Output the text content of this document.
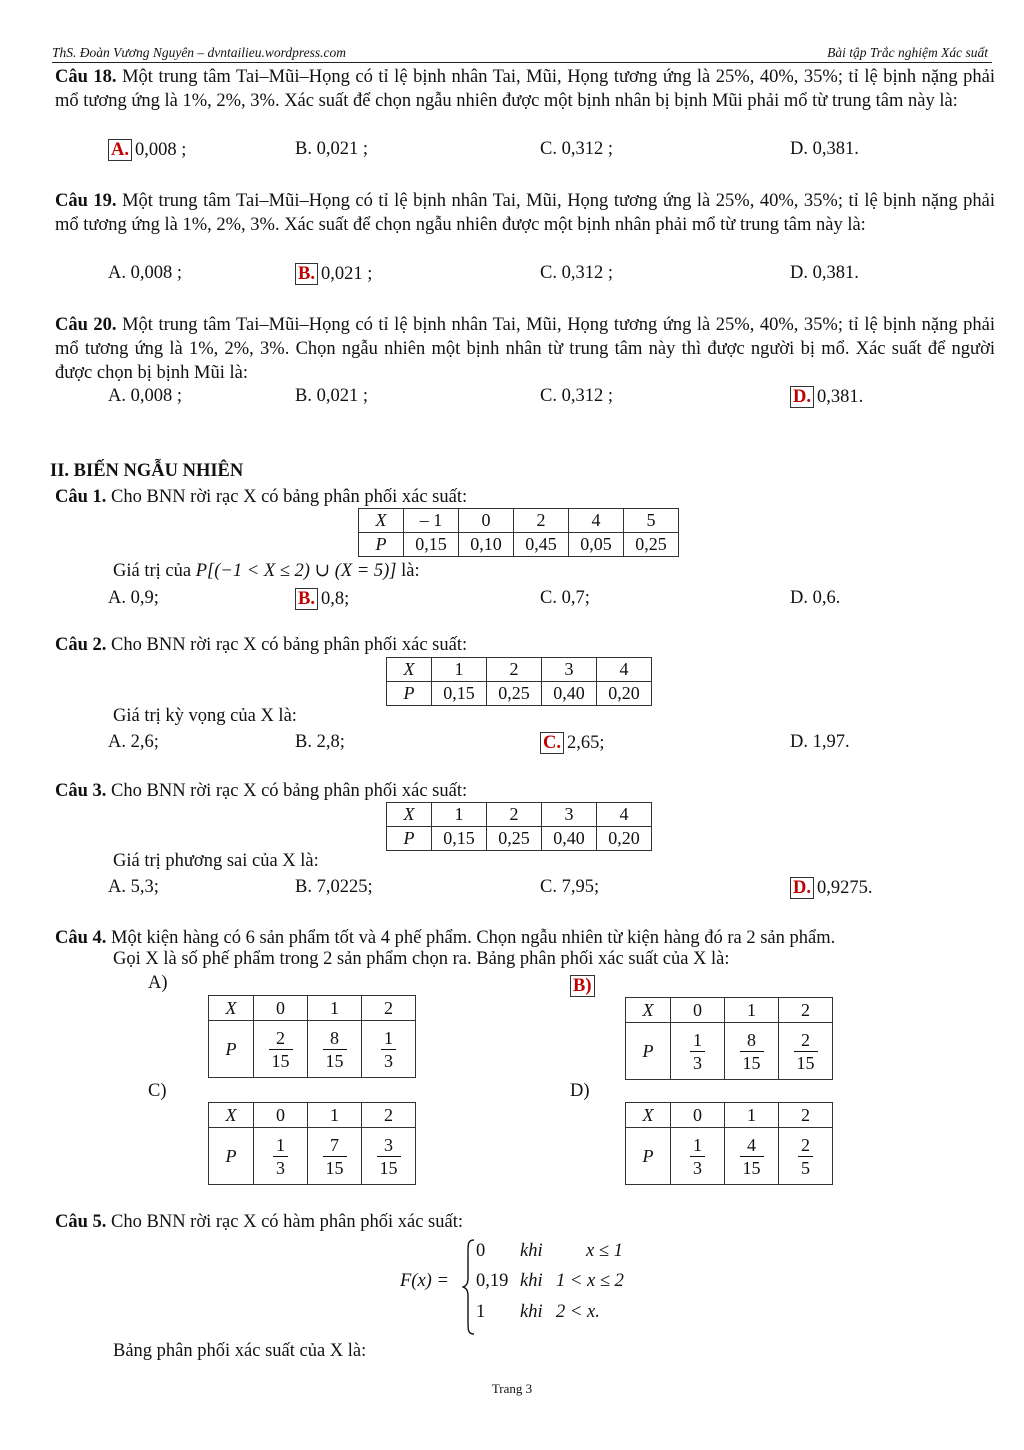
ThS. Đoàn Vương Nguyên – dvntailieu.wordpress.com	Bài tập Trắc nghiệm Xác suất
Câu 18. Một trung tâm Tai–Mũi–Họng có tỉ lệ bịnh nhân Tai, Mũi, Họng tương ứng là 25%, 40%, 35%; tỉ lệ bịnh nặng phải mổ tương ứng là 1%, 2%, 3%. Xác suất để chọn ngẫu nhiên được một bịnh nhân bị bịnh Mũi phải mổ từ trung tâm này là:
A. 0,008 ;	B. 0,021 ;	C. 0,312 ;	D. 0,381.
Câu 19. Một trung tâm Tai–Mũi–Họng có tỉ lệ bịnh nhân Tai, Mũi, Họng tương ứng là 25%, 40%, 35%; tỉ lệ bịnh nặng phải mổ tương ứng là 1%, 2%, 3%. Xác suất để chọn ngẫu nhiên được một bịnh nhân phải mổ từ trung tâm này là:
A. 0,008 ;	B. 0,021 ;	C. 0,312 ;	D. 0,381.
Câu 20. Một trung tâm Tai–Mũi–Họng có tỉ lệ bịnh nhân Tai, Mũi, Họng tương ứng là 25%, 40%, 35%; tỉ lệ bịnh nặng phải mổ tương ứng là 1%, 2%, 3%. Chọn ngẫu nhiên một bịnh nhân từ trung tâm này thì được người bị mổ. Xác suất để người được chọn bị bịnh Mũi là:
A. 0,008 ;	B. 0,021 ;	C. 0,312 ;	D. 0,381.
II. BIẾN NGẪU NHIÊN
Câu 1. Cho BNN rời rạc X có bảng phân phối xác suất:
X	– 1	0	2	4	5
P	0,15	0,10	0,45	0,05	0,25
Giá trị của P[(−1 < X ≤ 2) ∪ (X = 5)] là:
A. 0,9;	B. 0,8;	C. 0,7;	D. 0,6.
Câu 2. Cho BNN rời rạc X có bảng phân phối xác suất:
X	1	2	3	4
P	0,15	0,25	0,40	0,20
Giá trị kỳ vọng của X là:
A. 2,6;	B. 2,8;	C. 2,65;	D. 1,97.
Câu 3. Cho BNN rời rạc X có bảng phân phối xác suất:
X	1	2	3	4
P	0,15	0,25	0,40	0,20
Giá trị phương sai của X là:
A. 5,3;	B. 7,0225;	C. 7,95;	D. 0,9275.
Câu 4. Một kiện hàng có 6 sản phẩm tốt và 4 phế phẩm. Chọn ngẫu nhiên từ kiện hàng đó ra 2 sản phẩm.
Gọi X là số phế phẩm trong 2 sản phẩm chọn ra. Bảng phân phối xác suất của X là:
A)	B)
C)	D)
X	0	1	2
P	$\frac{2}{15}$	$\frac{8}{15}$	$\frac{1}{3}$
X	0	1	2
P	$\frac{1}{3}$	$\frac{8}{15}$	$\frac{2}{15}$
X	0	1	2
P	$\frac{1}{3}$	$\frac{7}{15}$	$\frac{3}{15}$
X	0	1	2
P	$\frac{1}{3}$	$\frac{4}{15}$	$\frac{2}{5}$
Câu 5. Cho BNN rời rạc X có hàm phân phối xác suất:
F(x) =
0 khi x ≤ 1
0,19 khi 1 < x ≤ 2
1 khi 2 < x.
Bảng phân phối xác suất của X là:
Trang 3
